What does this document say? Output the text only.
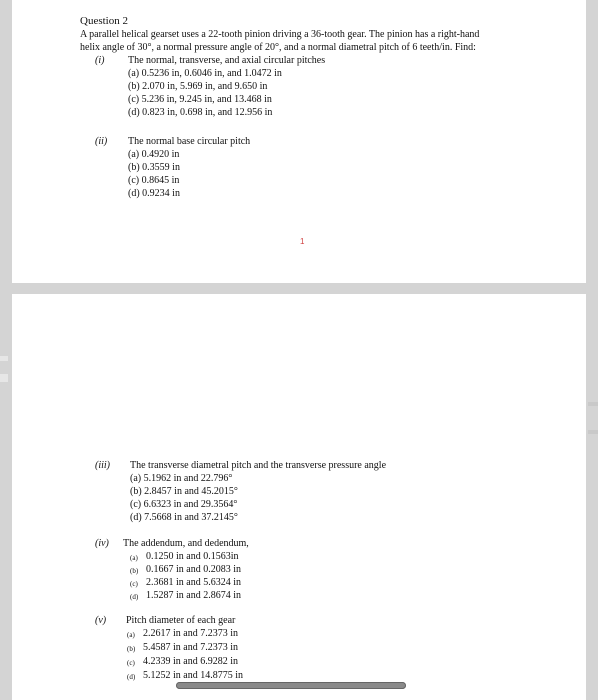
Question 2
A parallel helical gearset uses a 22-tooth pinion driving a 36-tooth gear. The pinion has a right-hand
helix angle of 30°, a normal pressure angle of 20°, and a normal diametral pitch of 6 teeth/in. Find:
(i) The normal, transverse, and axial circular pitches
(a) 0.5236 in, 0.6046 in, and 1.0472 in
(b) 2.070 in, 5.969 in, and 9.650 in
(c) 5.236 in, 9.245 in, and 13.468 in
(d) 0.823 in, 0.698 in, and 12.956 in
(ii) The normal base circular pitch
(a) 0.4920 in
(b) 0.3559 in
(c) 0.8645 in
(d) 0.9234 in
1
(iii) The transverse diametral pitch and the transverse pressure angle
(a) 5.1962 in and 22.796°
(b) 2.8457 in and 45.2015°
(c) 6.6323 in and 29.3564°
(d) 7.5668 in and 37.2145°
(iv) The addendum, and dedendum,
(a) 0.1250 in and 0.1563in
(b) 0.1667 in and 0.2083 in
(c) 2.3681 in and 5.6324 in
(d) 1.5287 in and 2.8674 in
(v) Pitch diameter of each gear
(a) 2.2617 in and 7.2373 in
(b) 5.4587 in and 7.2373 in
(c) 4.2339 in and 6.9282 in
(d) 5.1252 in and 14.8775 in
